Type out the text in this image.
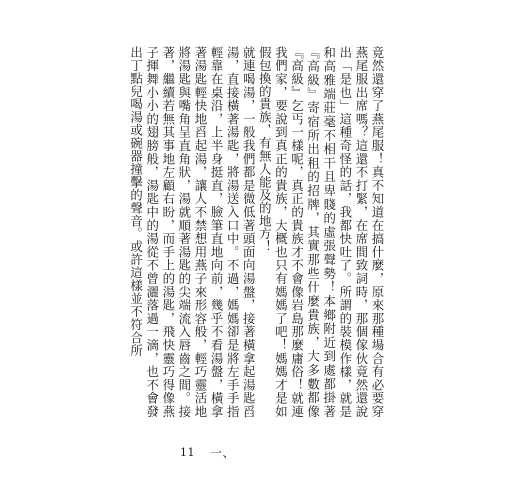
竟然還穿了燕尾服！真不知道在搞什麼，原來那種場合有必要穿燕尾服出席嗎？這還不打緊，在席間致詞時，那個傢伙竟然還說出「是也」這種奇怪的話，我都快吐了。所謂的裝模作樣，就是和高雅端莊毫不相干且卑賤的虛張聲勢！本鄉附近到處都掛著『高級』寄宿所出租的招牌，其實那些什麼貴族，大多數都像『高級』乞丐一樣呢，真正的貴族才不會像岩島那麼庸俗！就連我們家，要說到真正的貴族，大概也只有媽媽了吧！媽媽才是如假包換的貴族，有無人能及的地方！

就連喝湯，一般我們都是微低著頭面向湯盤，接著橫拿起湯匙舀湯，直接橫著湯匙，將湯送入口中。不過，媽媽卻是將左手手指輕靠在桌沿，上半身挺直，臉筆直地向前，幾乎不看湯盤，橫拿著湯匙輕快地舀起湯，讓人不禁想用燕子來形容般，輕巧靈活地將湯匙與嘴角呈直角狀，湯就順著湯匙的尖端流入唇齒之間。接著，繼續若無其事地左顧右盼，而手上的湯匙，飛快靈巧得像燕子揮舞小小的翅膀般，湯匙中的湯從不曾灑落過一滴，也不會發出丁點兒喝湯或碗器撞擊的聲音。或許這樣並不符合所

11 一、
